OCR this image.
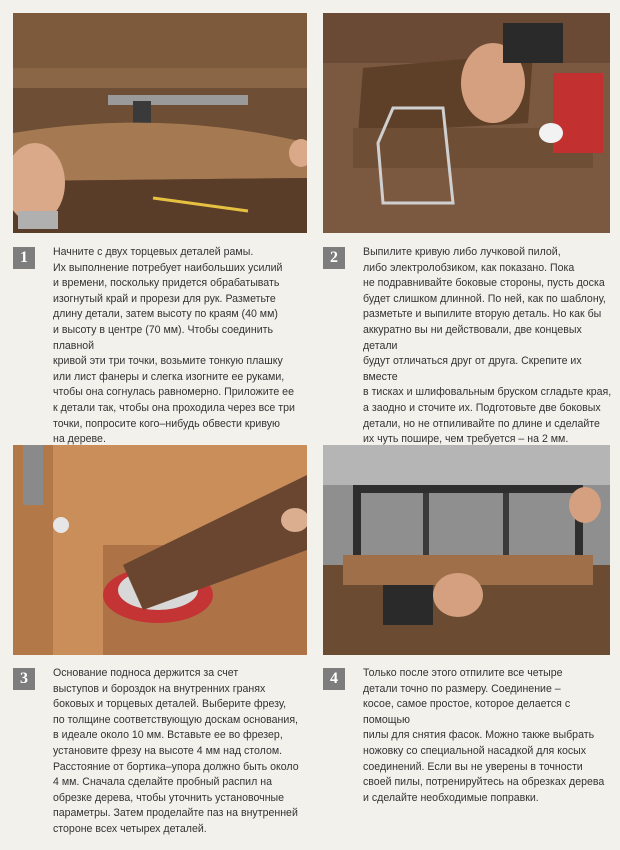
1	Начните с двух торцевых деталей рамы.
Их выполнение потребует наибольших усилий
и времени, поскольку придется обрабатывать
изогнутый край и прорези для рук. Разметьте
длину детали, затем высоту по краям (40 мм)
и высоту в центре (70 мм). Чтобы соединить плавной
кривой эти три точки, возьмите тонкую плашку
или лист фанеры и слегка изогните ее руками,
чтобы она согнулась равномерно. Приложите ее
к детали так, чтобы она проходила через все три
точки, попросите кого–нибудь обвести кривую
на дереве.
2	Выпилите кривую либо лучковой пилой,
либо электролобзиком, как показано. Пока
не подравнивайте боковые стороны, пусть доска
будет слишком длинной. По ней, как по шаблону,
разметьте и выпилите вторую деталь. Но как бы
аккуратно вы ни действовали, две концевых детали
будут отличаться друг от друга. Скрепите их вместе
в тисках и шлифовальным бруском сгладьте края,
а заодно и сточите их. Подготовьте две боковых
детали, но не отпиливайте по длине и сделайте
их чуть пошире, чем требуется – на 2 мм.

3	Основание подноса держится за счет
выступов и бороздок на внутренних гранях
боковых и торцевых деталей. Выберите фрезу,
по толщине соответствующую доскам основания,
в идеале около 10 мм. Вставьте ее во фрезер,
установите фрезу на высоте 4 мм над столом.
Расстояние от бортика–упора должно быть около
4 мм. Сначала сделайте пробный распил на
обрезке дерева, чтобы уточнить установочные
параметры. Затем проделайте паз на внутренней
стороне всех четырех деталей.
4	Только после этого отпилите все четыре
детали точно по размеру. Соединение –
косое, самое простое, которое делается с помощью
пилы для снятия фасок. Можно также выбрать
ножовку со специальной насадкой для косых
соединений. Если вы не уверены в точности
своей пилы, потренируйтесь на обрезках дерева
и сделайте необходимые поправки.
